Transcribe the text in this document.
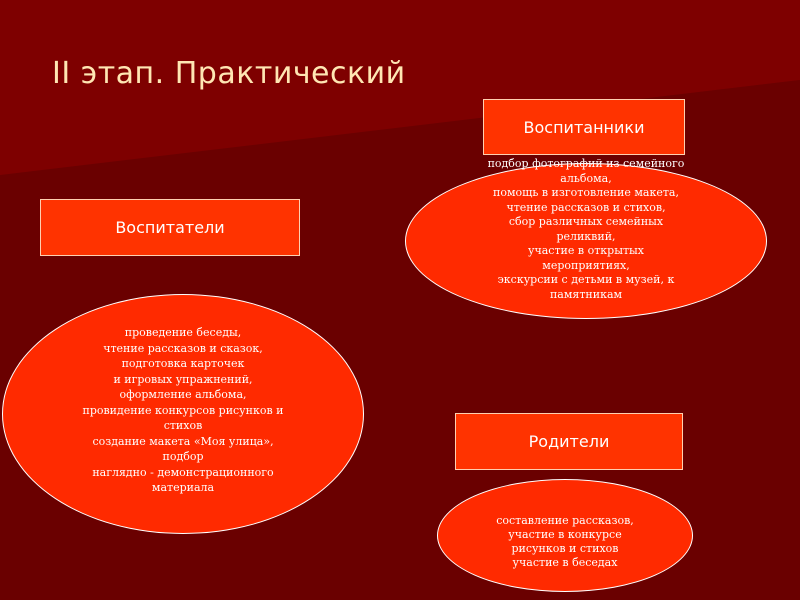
II этап. Практический
Воспитанники
подбор фотографий из семейного
альбома,
помощь в изготовление макета,
чтение рассказов и стихов,
сбор различных семейных
реликвий,
участие в открытых
мероприятиях,
экскурсии с детьми в музей, к
памятникам
Воспитатели
проведение беседы,
чтение рассказов и сказок,
подготовка карточек
и игровых упражнений,
оформление альбома,
провидение конкурсов рисунков и
стихов
создание макета «Моя улица»,
подбор
наглядно - демонстрационного
материала
Родители
составление рассказов,
участие в конкурсе
рисунков и стихов
участие в беседах
